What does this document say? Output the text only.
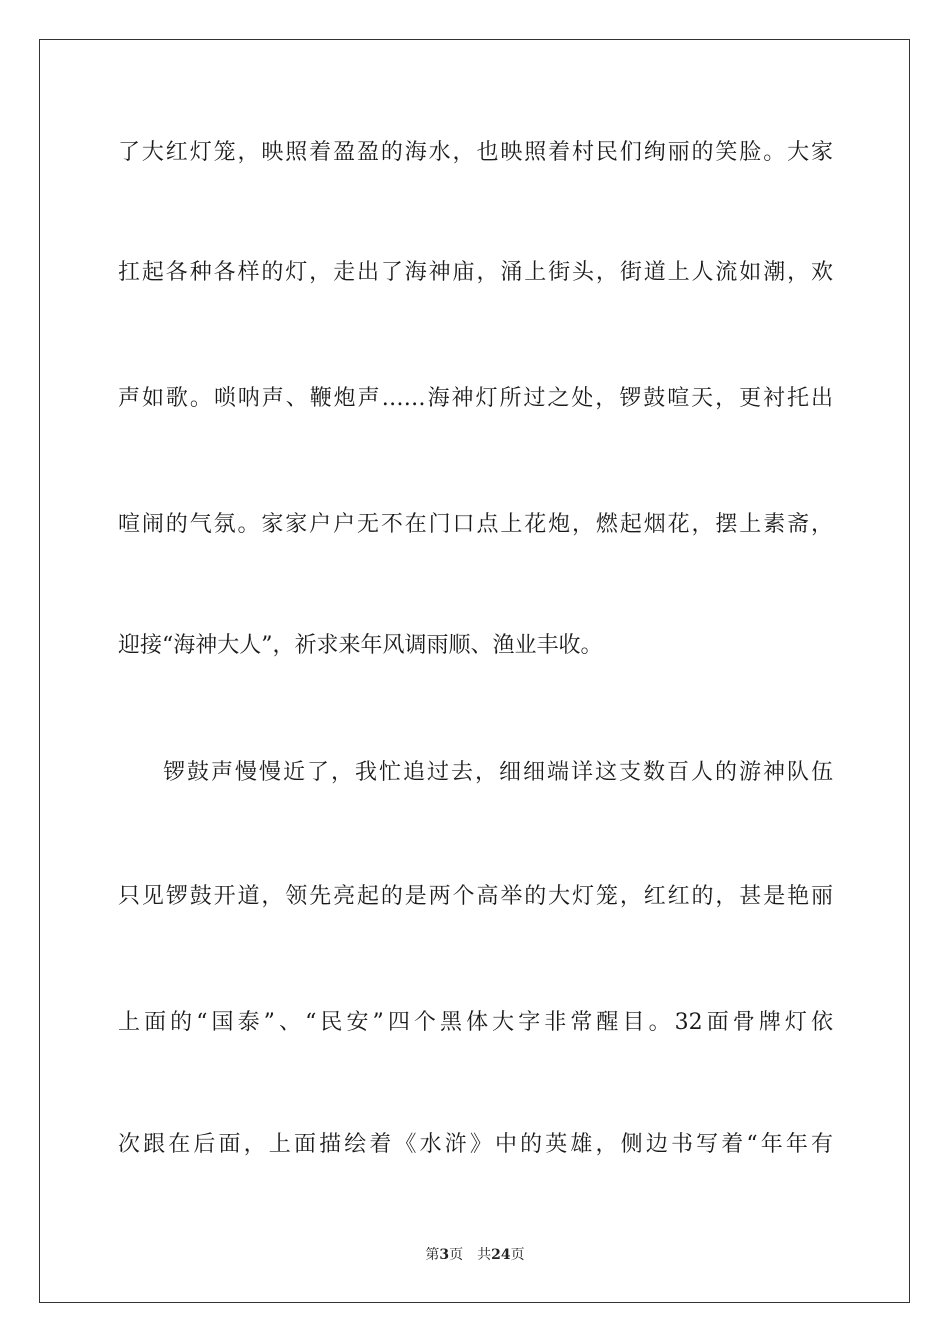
了大红灯笼，映照着盈盈的海水，也映照着村民们绚丽的笑脸。大家
扛起各种各样的灯，走出了海神庙，涌上街头，街道上人流如潮，欢
声如歌。唢呐声、鞭炮声……海神灯所过之处，锣鼓喧天，更衬托出
喧闹的气氛。家家户户无不在门口点上花炮，燃起烟花，摆上素斋，
迎接“海神大人”，祈求来年风调雨顺、渔业丰收。
锣鼓声慢慢近了，我忙追过去，细细端详这支数百人的游神队伍
只见锣鼓开道，领先亮起的是两个高举的大灯笼，红红的，甚是艳丽
上面的“国泰”、“民安”四个黑体大字非常醒目。32面骨牌灯依
次跟在后面，上面描绘着《水浒》中的英雄，侧边书写着“年年有
第3页 共24页
